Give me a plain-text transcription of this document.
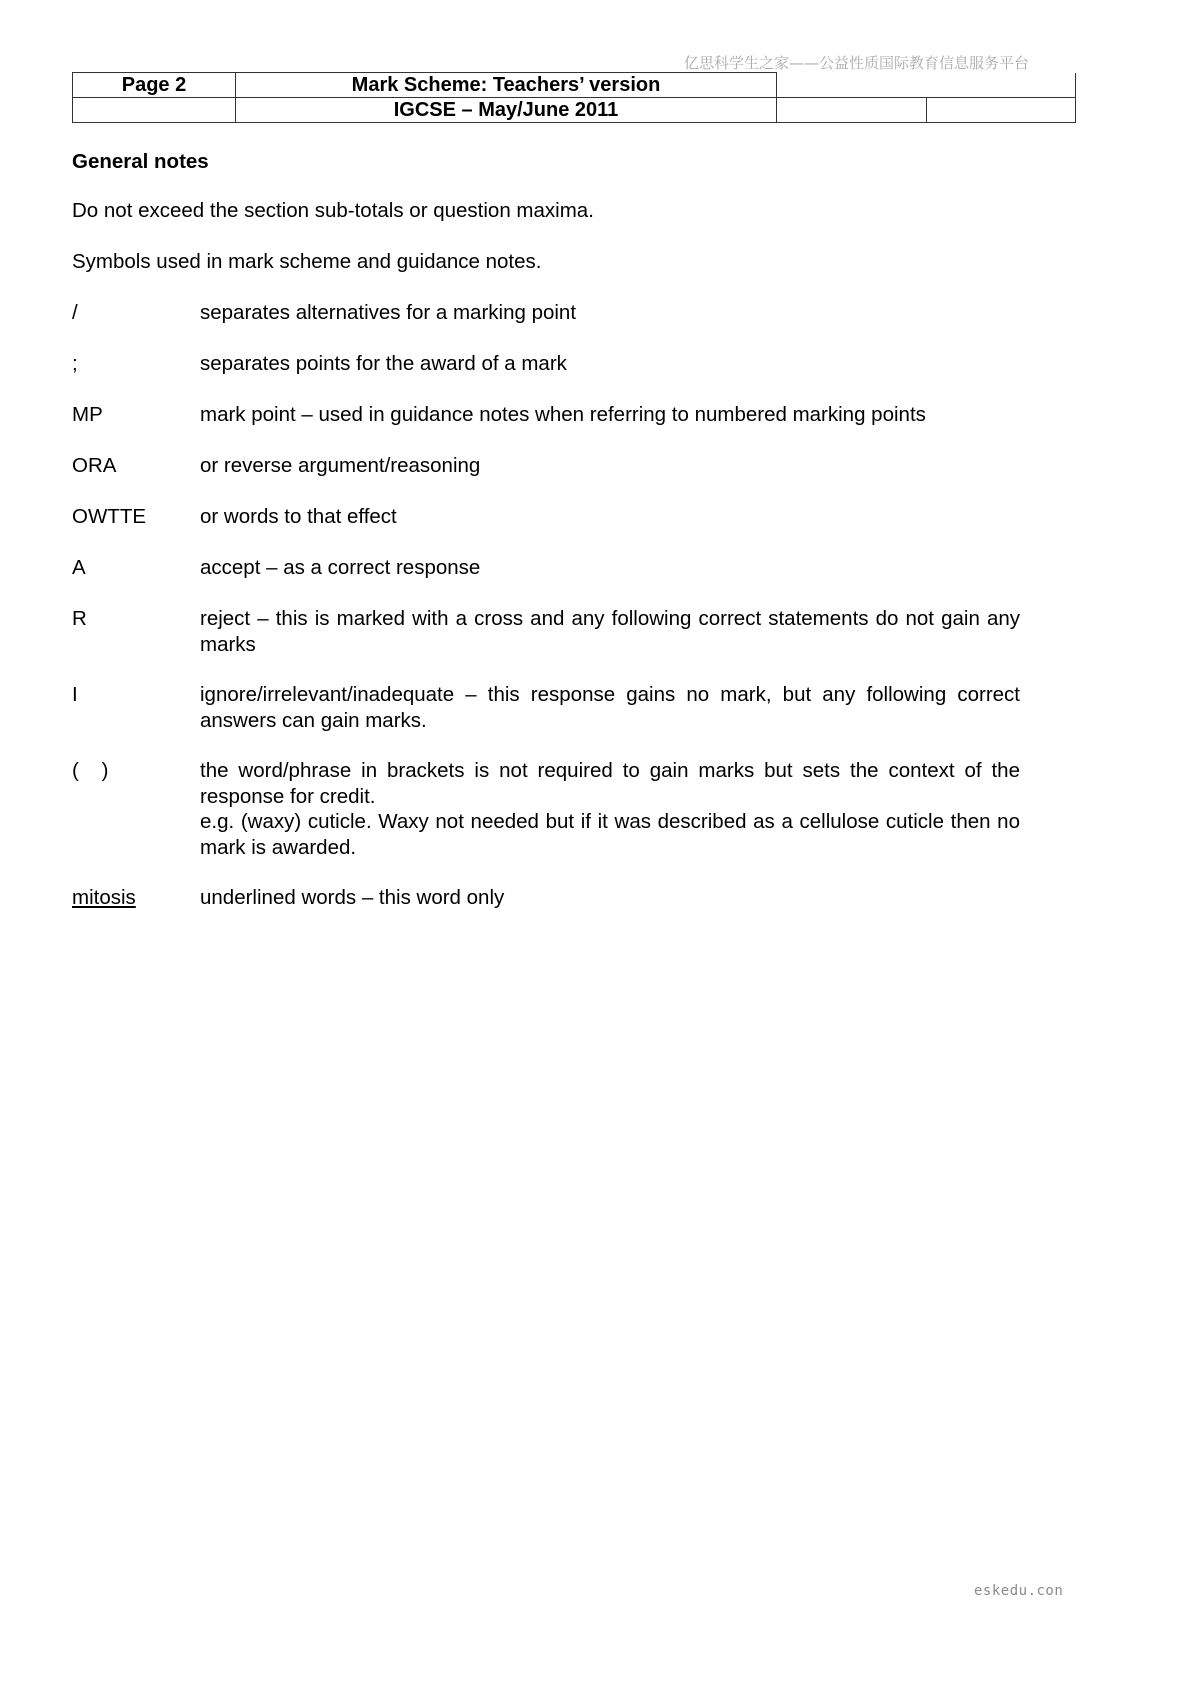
亿思科学生之家——公益性质国际教育信息服务平台
Page 2	Mark Scheme: Teachers’ version		
	IGCSE – May/June 2011		
General notes
Do not exceed the section sub-totals or question maxima.
Symbols used in mark scheme and guidance notes.
/	separates alternatives for a marking point
;	separates points for the award of a mark
MP	mark point – used in guidance notes when referring to numbered marking points
ORA	or reverse argument/reasoning
OWTTE	or words to that effect
A	accept – as a correct response
R	reject – this is marked with a cross and any following correct statements do not gain any marks
I	ignore/irrelevant/inadequate – this response gains no mark, but any following correct answers can gain marks.
(    )	the word/phrase in brackets is not required to gain marks but sets the context of the response for credit.
e.g. (waxy) cuticle. Waxy not needed but if it was described as a cellulose cuticle then no mark is awarded.
mitosis	underlined words – this word only
eskedu.con
